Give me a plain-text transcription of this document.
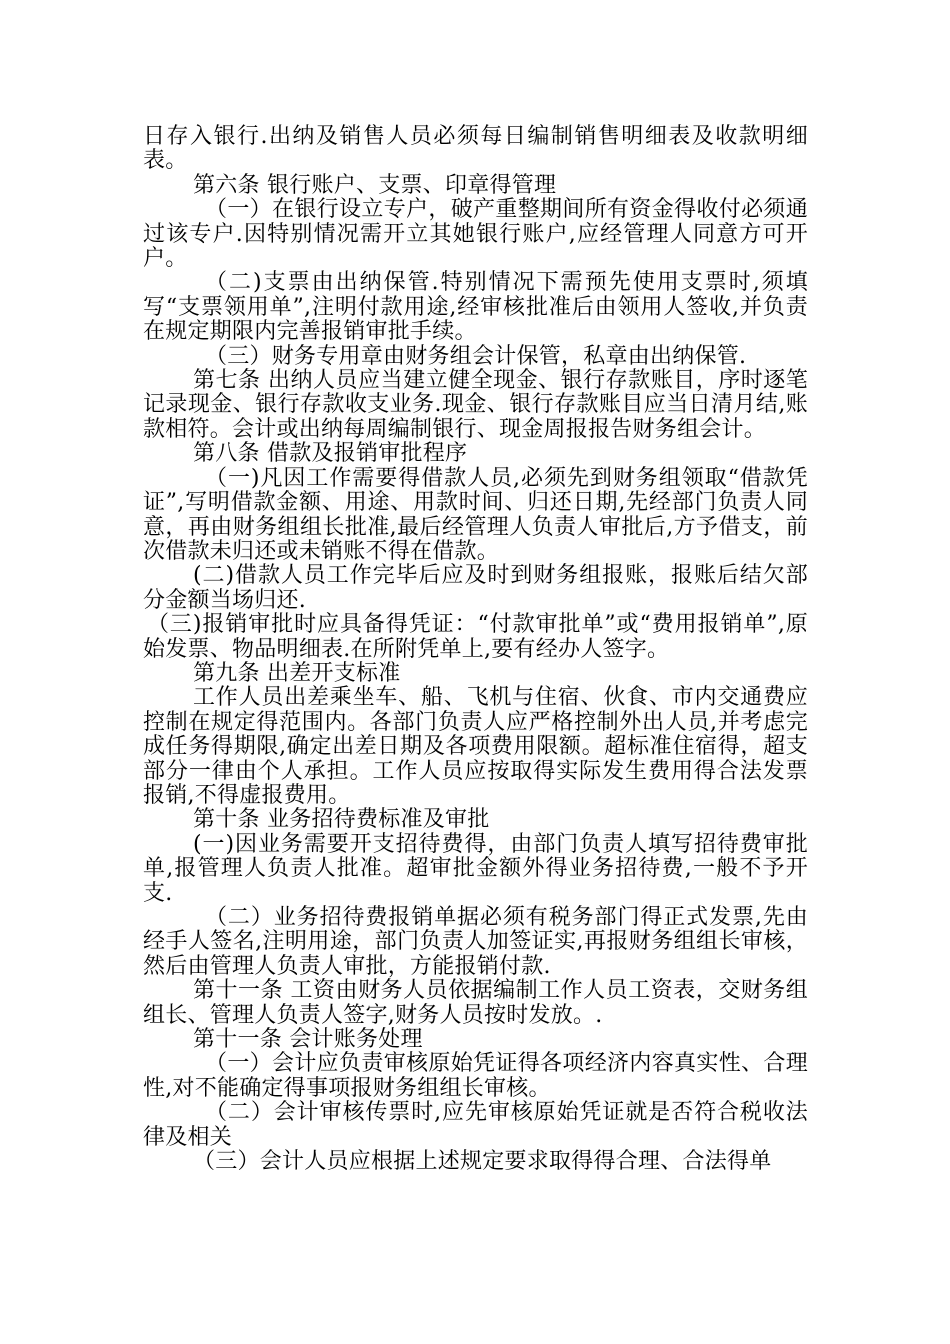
日存入银行.出纳及销售人员必须每日编制销售明细表及收款明细表。

第六条 银行账户、支票、印章得管理

（一）在银行设立专户，破产重整期间所有资金得收付必须通过该专户.因特别情况需开立其她银行账户,应经管理人同意方可开户。

（二)支票由出纳保管.特别情况下需预先使用支票时,须填写“支票领用单”,注明付款用途,经审核批准后由领用人签收,并负责在规定期限内完善报销审批手续。

（三）财务专用章由财务组会计保管，私章由出纳保管.

第七条 出纳人员应当建立健全现金、银行存款账目，序时逐笔记录现金、银行存款收支业务.现金、银行存款账目应当日清月结,账款相符。会计或出纳每周编制银行、现金周报报告财务组会计。

第八条 借款及报销审批程序

（一)凡因工作需要得借款人员,必须先到财务组领取“借款凭证”,写明借款金额、用途、用款时间、归还日期,先经部门负责人同意，再由财务组组长批准,最后经管理人负责人审批后,方予借支，前次借款未归还或未销账不得在借款。

(二)借款人员工作完毕后应及时到财务组报账，报账后结欠部分金额当场归还.

（三)报销审批时应具备得凭证：“付款审批单”或“费用报销单”,原始发票、物品明细表.在所附凭单上,要有经办人签字。

第九条 出差开支标准

工作人员出差乘坐车、船、飞机与住宿、伙食、市内交通费应控制在规定得范围内。各部门负责人应严格控制外出人员,并考虑完成任务得期限,确定出差日期及各项费用限额。超标准住宿得，超支部分一律由个人承担。工作人员应按取得实际发生费用得合法发票报销,不得虚报费用。

第十条 业务招待费标准及审批

(一)因业务需要开支招待费得，由部门负责人填写招待费审批单,报管理人负责人批准。超审批金额外得业务招待费,一般不予开支.

（二）业务招待费报销单据必须有税务部门得正式发票,先由经手人签名,注明用途，部门负责人加签证实,再报财务组组长审核，然后由管理人负责人审批，方能报销付款.

第十一条 工资由财务人员依据编制工作人员工资表，交财务组组长、管理人负责人签字,财务人员按时发放。.

第十一条 会计账务处理

（一）会计应负责审核原始凭证得各项经济内容真实性、合理性,对不能确定得事项报财务组组长审核。

（二）会计审核传票时,应先审核原始凭证就是否符合税收法律及相关

（三）会计人员应根据上述规定要求取得得合理、合法得单
